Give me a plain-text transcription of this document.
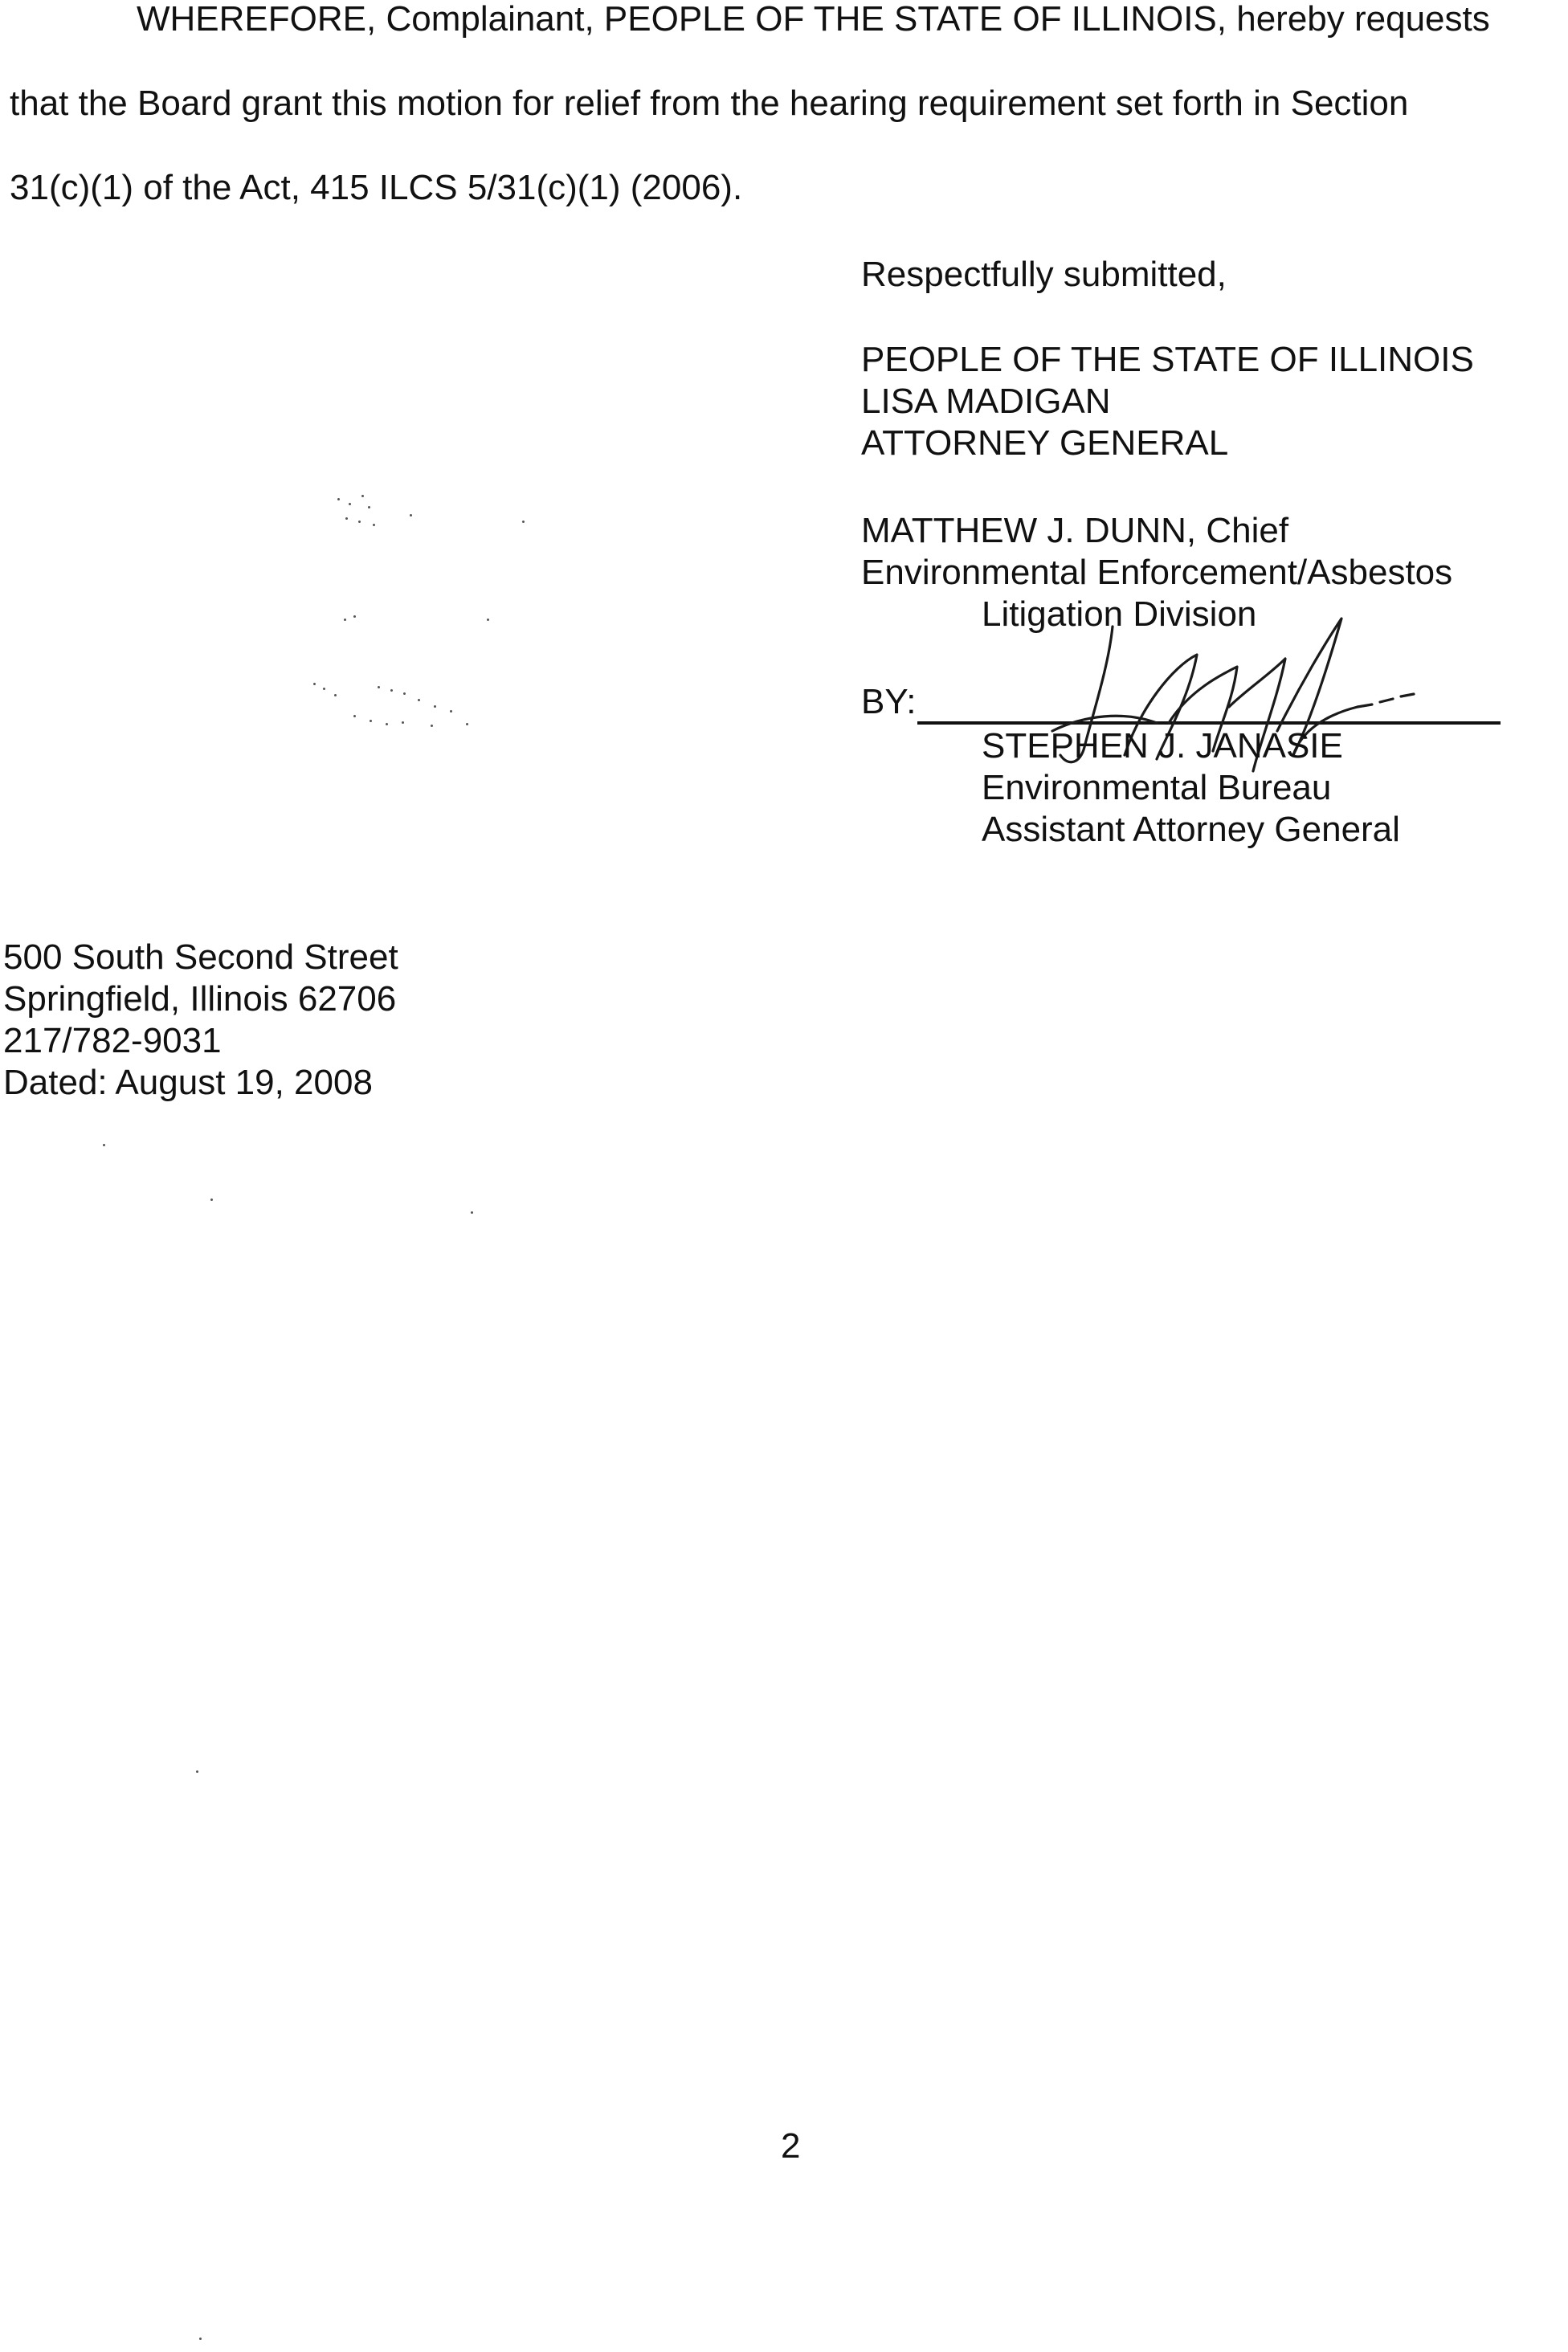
WHEREFORE, Complainant, PEOPLE OF THE STATE OF ILLINOIS, hereby requests
that the Board grant this motion for relief from the hearing requirement set forth in Section
31(c)(1) of the Act, 415 ILCS 5/31(c)(1) (2006).
Respectfully submitted,
PEOPLE OF THE STATE OF ILLINOIS
LISA MADIGAN
ATTORNEY GENERAL
MATTHEW J. DUNN, Chief
Environmental Enforcement/Asbestos
Litigation Division
BY:
STEPHEN J. JANASIE
Environmental Bureau
Assistant Attorney General
500 South Second Street
Springfield, Illinois 62706
217/782-9031
Dated: August 19, 2008
2
